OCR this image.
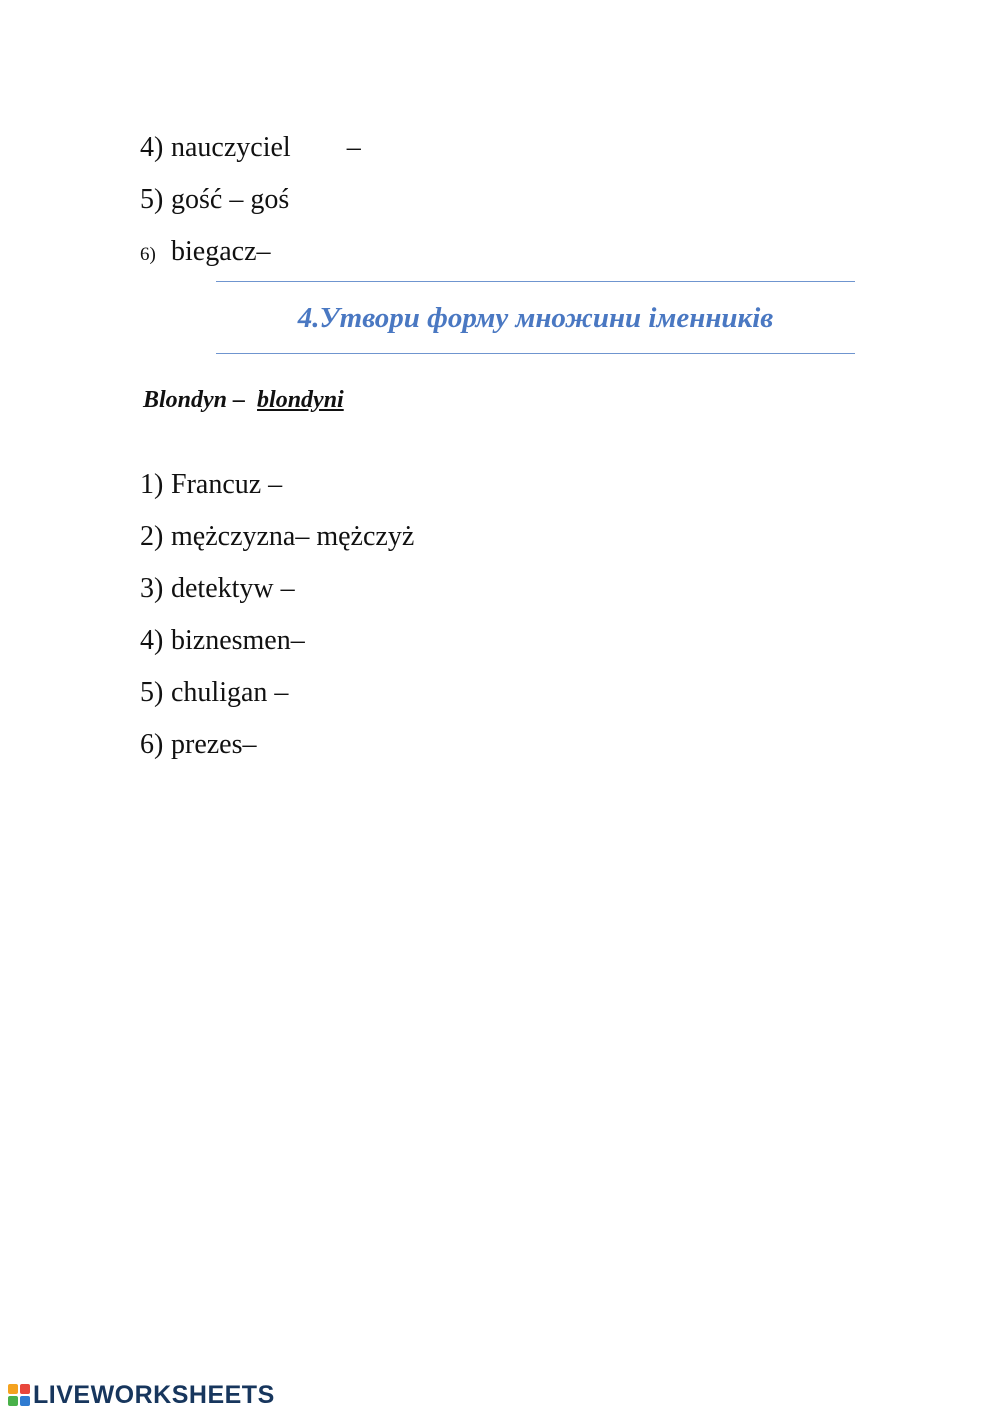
4) nauczyciel        –

5) gość – goś

6) biegacz–

4.Утвори форму множини іменників
Blondyn –  blondyni

1) Francuz –

2) mężczyzna– mężczyż

3) detektyw –

4) biznesmen–

5) chuligan –

6) prezes–

LIVEWORKSHEETS
